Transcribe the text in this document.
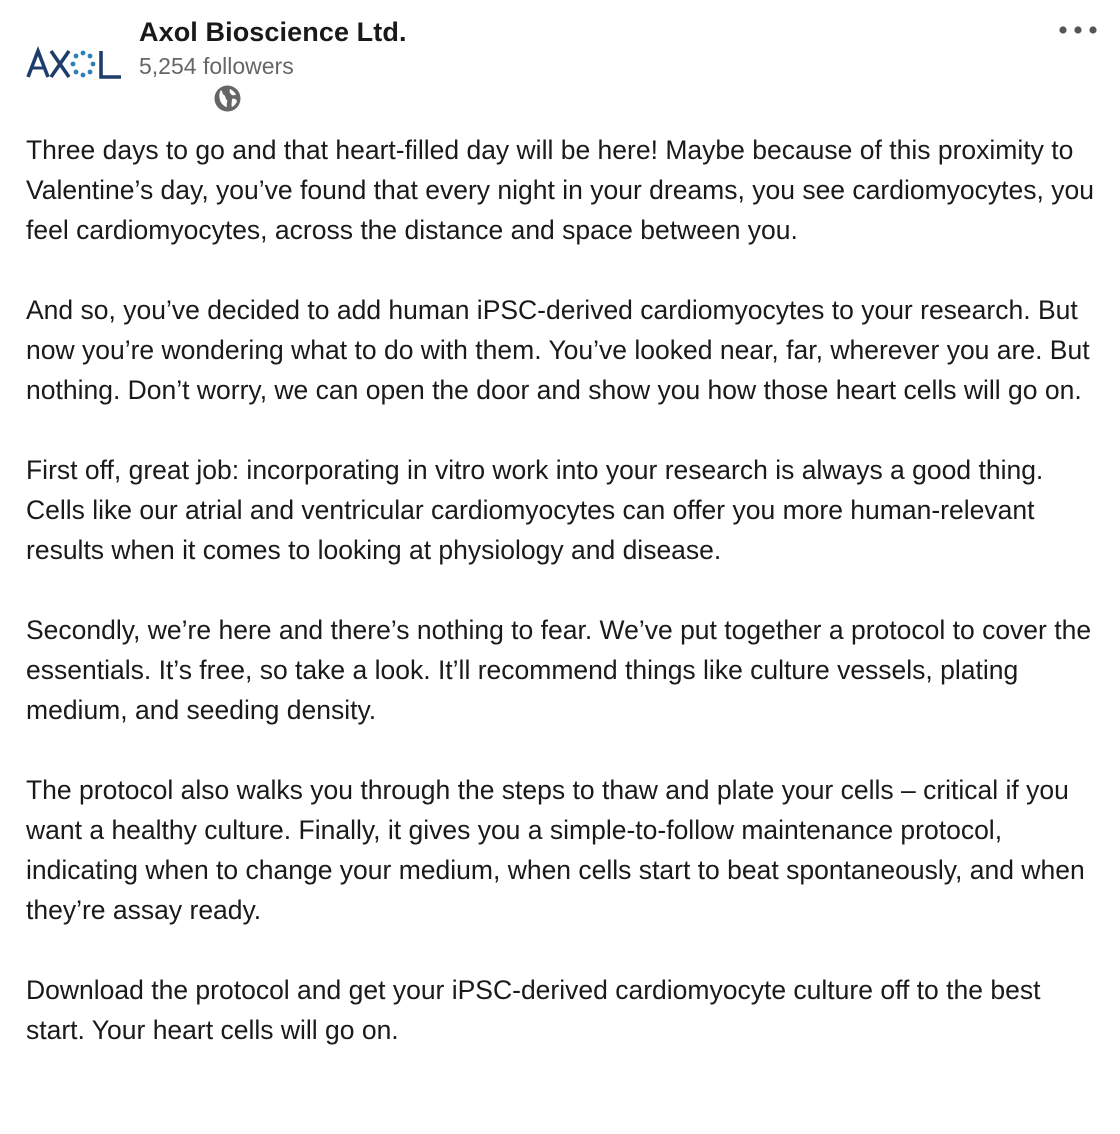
Axol Bioscience Ltd.
5,254 followers

Three days to go and that heart-filled day will be here! Maybe because of this proximity to Valentine’s day, you’ve found that every night in your dreams, you see cardiomyocytes, you feel cardiomyocytes, across the distance and space between you.

And so, you’ve decided to add human iPSC-derived cardiomyocytes to your research. But now you’re wondering what to do with them. You’ve looked near, far, wherever you are. But nothing. Don’t worry, we can open the door and show you how those heart cells will go on.

First off, great job: incorporating in vitro work into your research is always a good thing. Cells like our atrial and ventricular cardiomyocytes can offer you more human-relevant results when it comes to looking at physiology and disease.

Secondly, we’re here and there’s nothing to fear. We’ve put together a protocol to cover the essentials. It’s free, so take a look. It’ll recommend things like culture vessels, plating medium, and seeding density.

The protocol also walks you through the steps to thaw and plate your cells – critical if you want a healthy culture. Finally, it gives you a simple-to-follow maintenance protocol, indicating when to change your medium, when cells start to beat spontaneously, and when they’re assay ready.

Download the protocol and get your iPSC-derived cardiomyocyte culture off to the best start. Your heart cells will go on.
